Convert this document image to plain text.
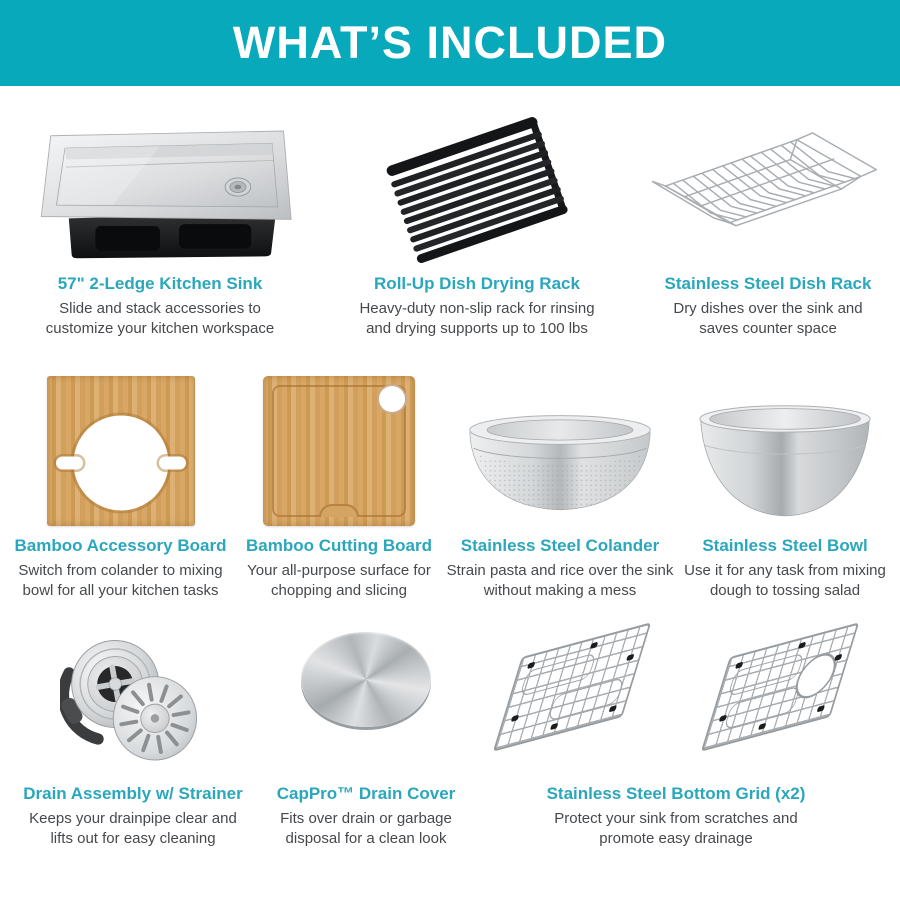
WHAT’S INCLUDED
57" 2-Ledge Kitchen Sink

Slide and stack accessories to customize your kitchen workspace

Roll-Up Dish Drying Rack

Heavy-duty non-slip rack for rinsing and drying supports up to 100 lbs

Stainless Steel Dish Rack

Dry dishes over the sink and saves counter space

Bamboo Accessory Board

Switch from colander to mixing bowl for all your kitchen tasks

Bamboo Cutting Board

Your all-purpose surface for chopping and slicing

Stainless Steel Colander

Strain pasta and rice over the sink without making a mess

Stainless Steel Bowl

Use it for any task from mixing dough to tossing salad

Drain Assembly w/ Strainer

Keeps your drainpipe clear and lifts out for easy cleaning

CapPro™ Drain Cover

Fits over drain or garbage disposal for a clean look

Stainless Steel Bottom Grid (x2)

Protect your sink from scratches and promote easy drainage
